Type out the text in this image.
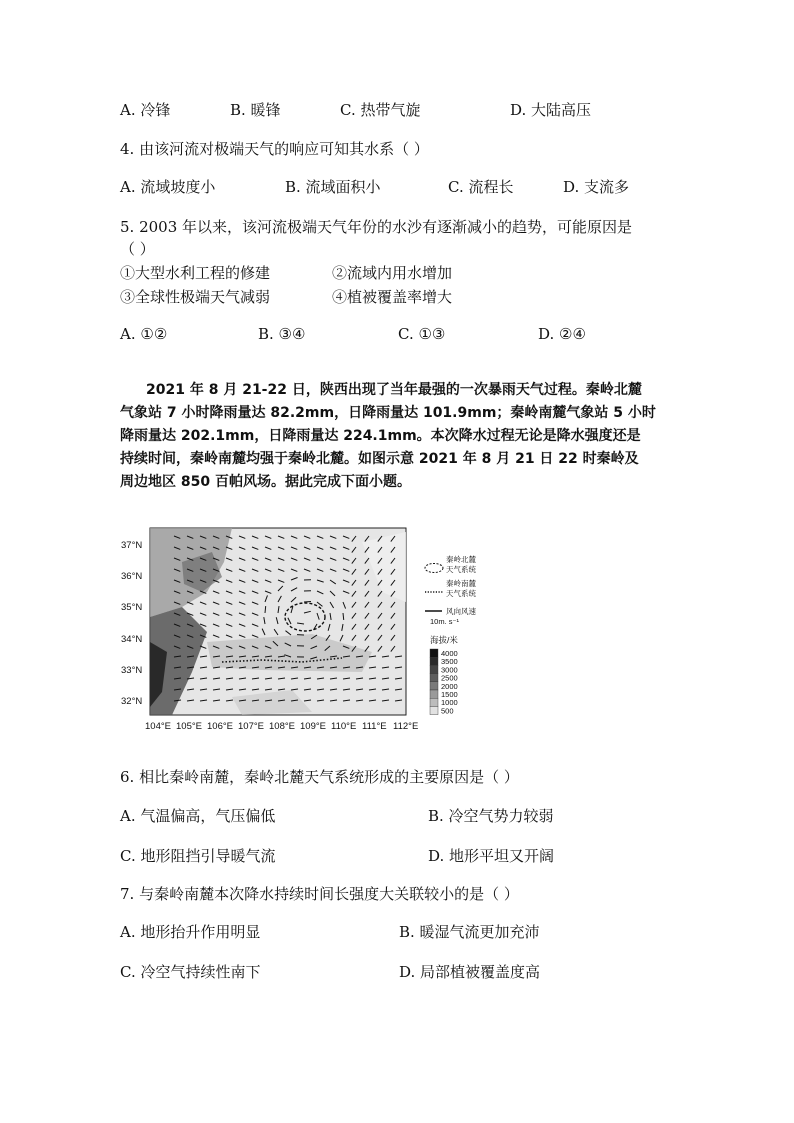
A. 冷锋	B. 暖锋	C. 热带气旋	D. 大陆高压
4. 由该河流对极端天气的响应可知其水系（ ）
A. 流域坡度小	B. 流域面积小	C. 流程长	D. 支流多
5. 2003 年以来，该河流极端天气年份的水沙有逐渐减小的趋势，可能原因是
（ ）
①大型水利工程的修建	②流域内用水增加
③全球性极端天气减弱	④植被覆盖率增大
A. ①②	B. ③④	C. ①③	D. ②④
2021 年 8 月 21-22 日，陕西出现了当年最强的一次暴雨天气过程。秦岭北麓
气象站 7 小时降雨量达 82.2mm，日降雨量达 101.9mm；秦岭南麓气象站 5 小时
降雨量达 202.1mm，日降雨量达 224.1mm。本次降水过程无论是降水强度还是
持续时间，秦岭南麓均强于秦岭北麓。如图示意 2021 年 8 月 21 日 22 时秦岭及
周边地区 850 百帕风场。据此完成下面小题。
37°N
36°N
35°N
34°N
33°N
32°N
104°E 105°E 106°E 107°E 108°E 109°E 110°E 111°E 112°E
秦岭北麓
天气系统
秦岭南麓
天气系统
风向风速
10m. s⁻¹
海拔/米
4000
3500
3000
2500
2000
1500
1000
500
6. 相比秦岭南麓，秦岭北麓天气系统形成的主要原因是（ ）
A. 气温偏高，气压偏低	B. 冷空气势力较弱
C. 地形阻挡引导暖气流	D. 地形平坦又开阔
7. 与秦岭南麓本次降水持续时间长强度大关联较小的是（ ）
A. 地形抬升作用明显	B. 暖湿气流更加充沛
C. 冷空气持续性南下	D. 局部植被覆盖度高
